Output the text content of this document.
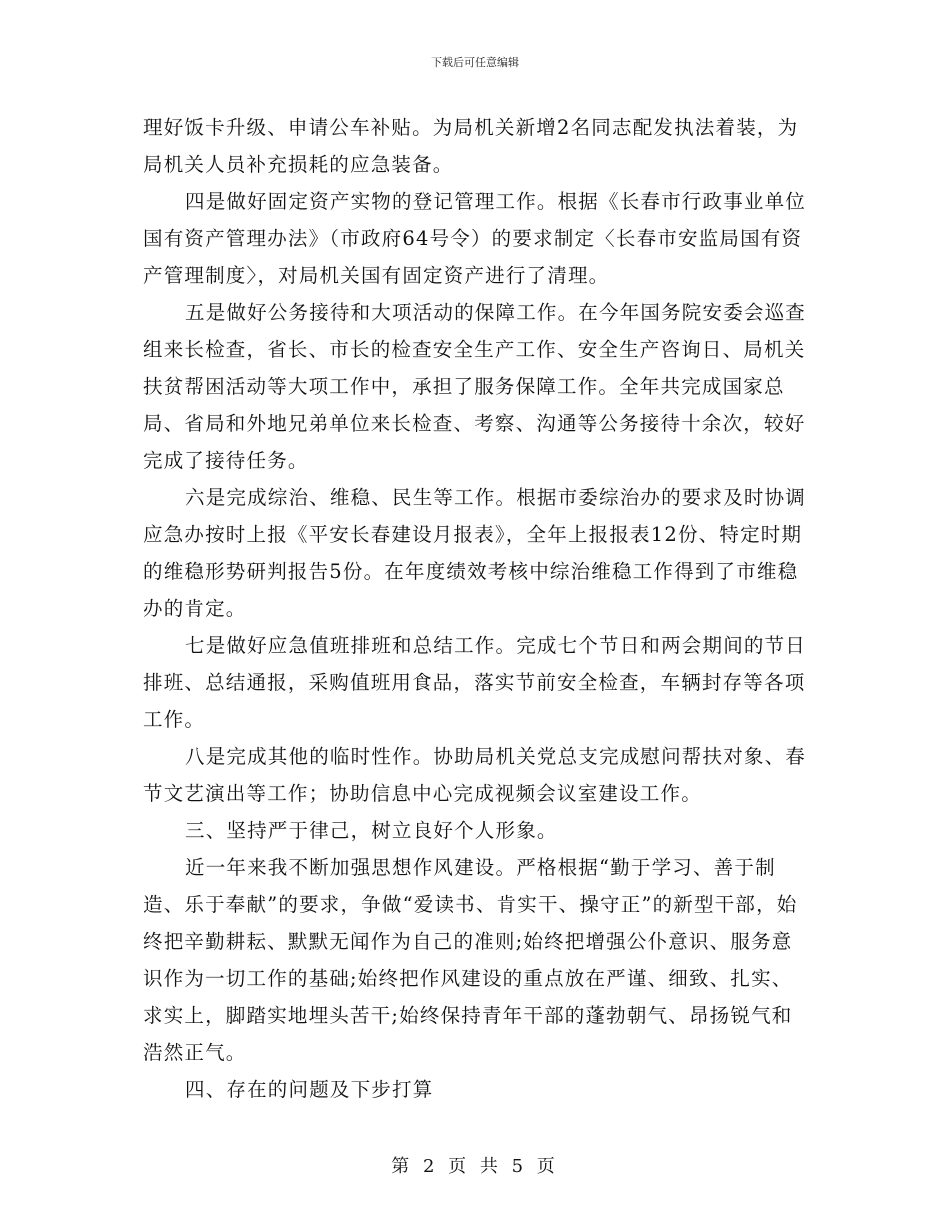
下载后可任意编辑

理好饭卡升级、申请公车补贴。为局机关新增2名同志配发执法着装，为局机关人员补充损耗的应急装备。

四是做好固定资产实物的登记管理工作。根据《长春市行政事业单位国有资产管理办法》（市政府64号令）的要求制定〈长春市安监局国有资产管理制度〉，对局机关国有固定资产进行了清理。

五是做好公务接待和大项活动的保障工作。在今年国务院安委会巡查组来长检查，省长、市长的检查安全生产工作、安全生产咨询日、局机关扶贫帮困活动等大项工作中，承担了服务保障工作。全年共完成国家总局、省局和外地兄弟单位来长检查、考察、沟通等公务接待十余次，较好完成了接待任务。

六是完成综治、维稳、民生等工作。根据市委综治办的要求及时协调应急办按时上报《平安长春建设月报表》，全年上报报表12份、特定时期的维稳形势研判报告5份。在年度绩效考核中综治维稳工作得到了市维稳办的肯定。

七是做好应急值班排班和总结工作。完成七个节日和两会期间的节日排班、总结通报，采购值班用食品，落实节前安全检查，车辆封存等各项工作。

八是完成其他的临时性作。协助局机关党总支完成慰问帮扶对象、春节文艺演出等工作；协助信息中心完成视频会议室建设工作。

三、坚持严于律己，树立良好个人形象。

近一年来我不断加强思想作风建设。严格根据“勤于学习、善于制造、乐于奉献”的要求，争做“爱读书、肯实干、操守正”的新型干部，始终把辛勤耕耘、默默无闻作为自己的准则;始终把增强公仆意识、服务意识作为一切工作的基础;始终把作风建设的重点放在严谨、细致、扎实、求实上，脚踏实地埋头苦干;始终保持青年干部的蓬勃朝气、昂扬锐气和浩然正气。

四、存在的问题及下步打算

第 2 页 共 5 页
